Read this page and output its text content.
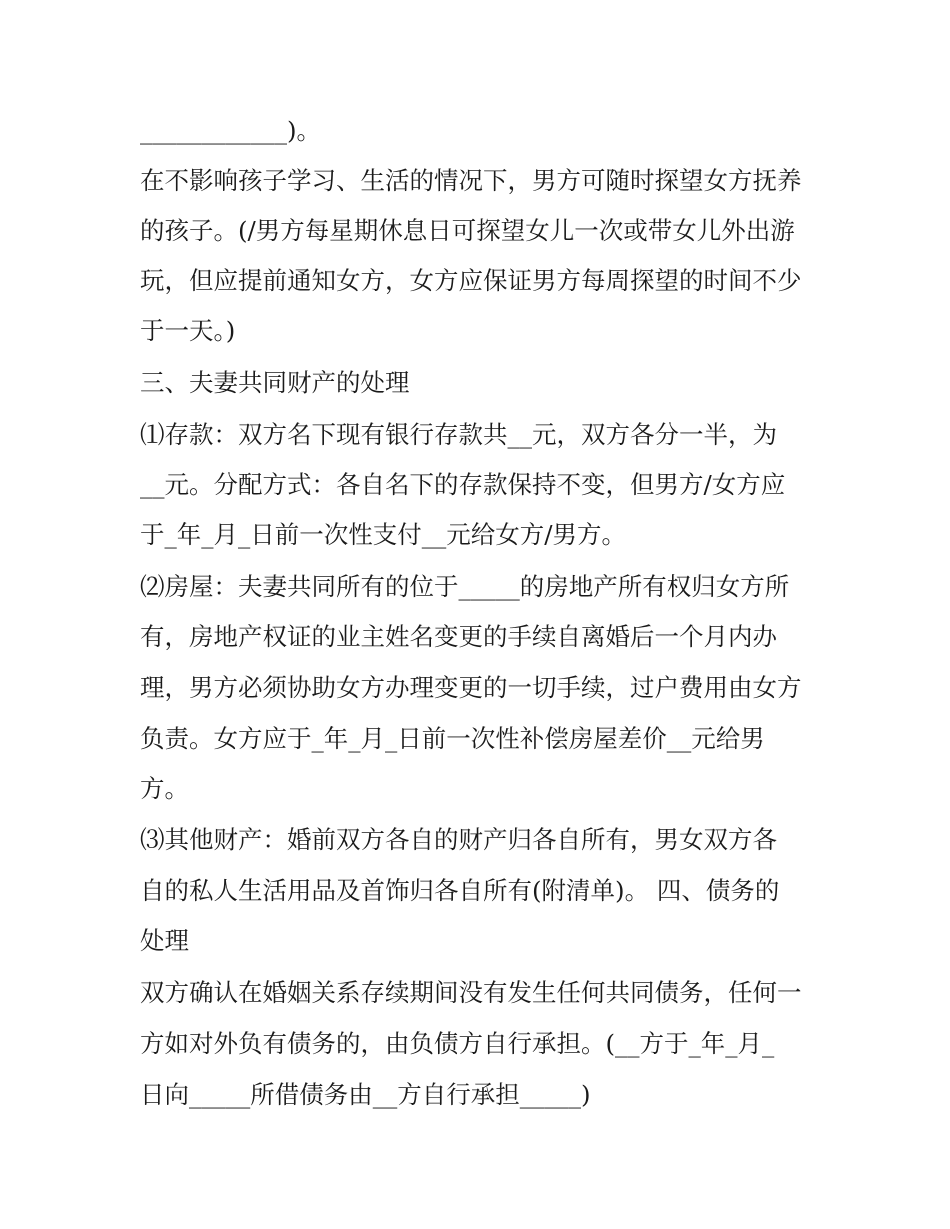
____________)。

在不影响孩子学习、生活的情况下，男方可随时探望女方抚养

的孩子。(/男方每星期休息日可探望女儿一次或带女儿外出游

玩，但应提前通知女方，女方应保证男方每周探望的时间不少

于一天。)

三、夫妻共同财产的处理

⑴存款：双方名下现有银行存款共__元，双方各分一半，为

__元。分配方式：各自名下的存款保持不变，但男方/女方应

于_年_月_日前一次性支付__元给女方/男方。

⑵房屋：夫妻共同所有的位于_____的房地产所有权归女方所

有，房地产权证的业主姓名变更的手续自离婚后一个月内办

理，男方必须协助女方办理变更的一切手续，过户费用由女方

负责。女方应于_年_月_日前一次性补偿房屋差价__元给男

方。

⑶其他财产：婚前双方各自的财产归各自所有，男女双方各

自的私人生活用品及首饰归各自所有(附清单)。 四、债务的

处理

双方确认在婚姻关系存续期间没有发生任何共同债务，任何一

方如对外负有债务的，由负债方自行承担。(__方于_年_月_

日向_____所借债务由__方自行承担_____)
